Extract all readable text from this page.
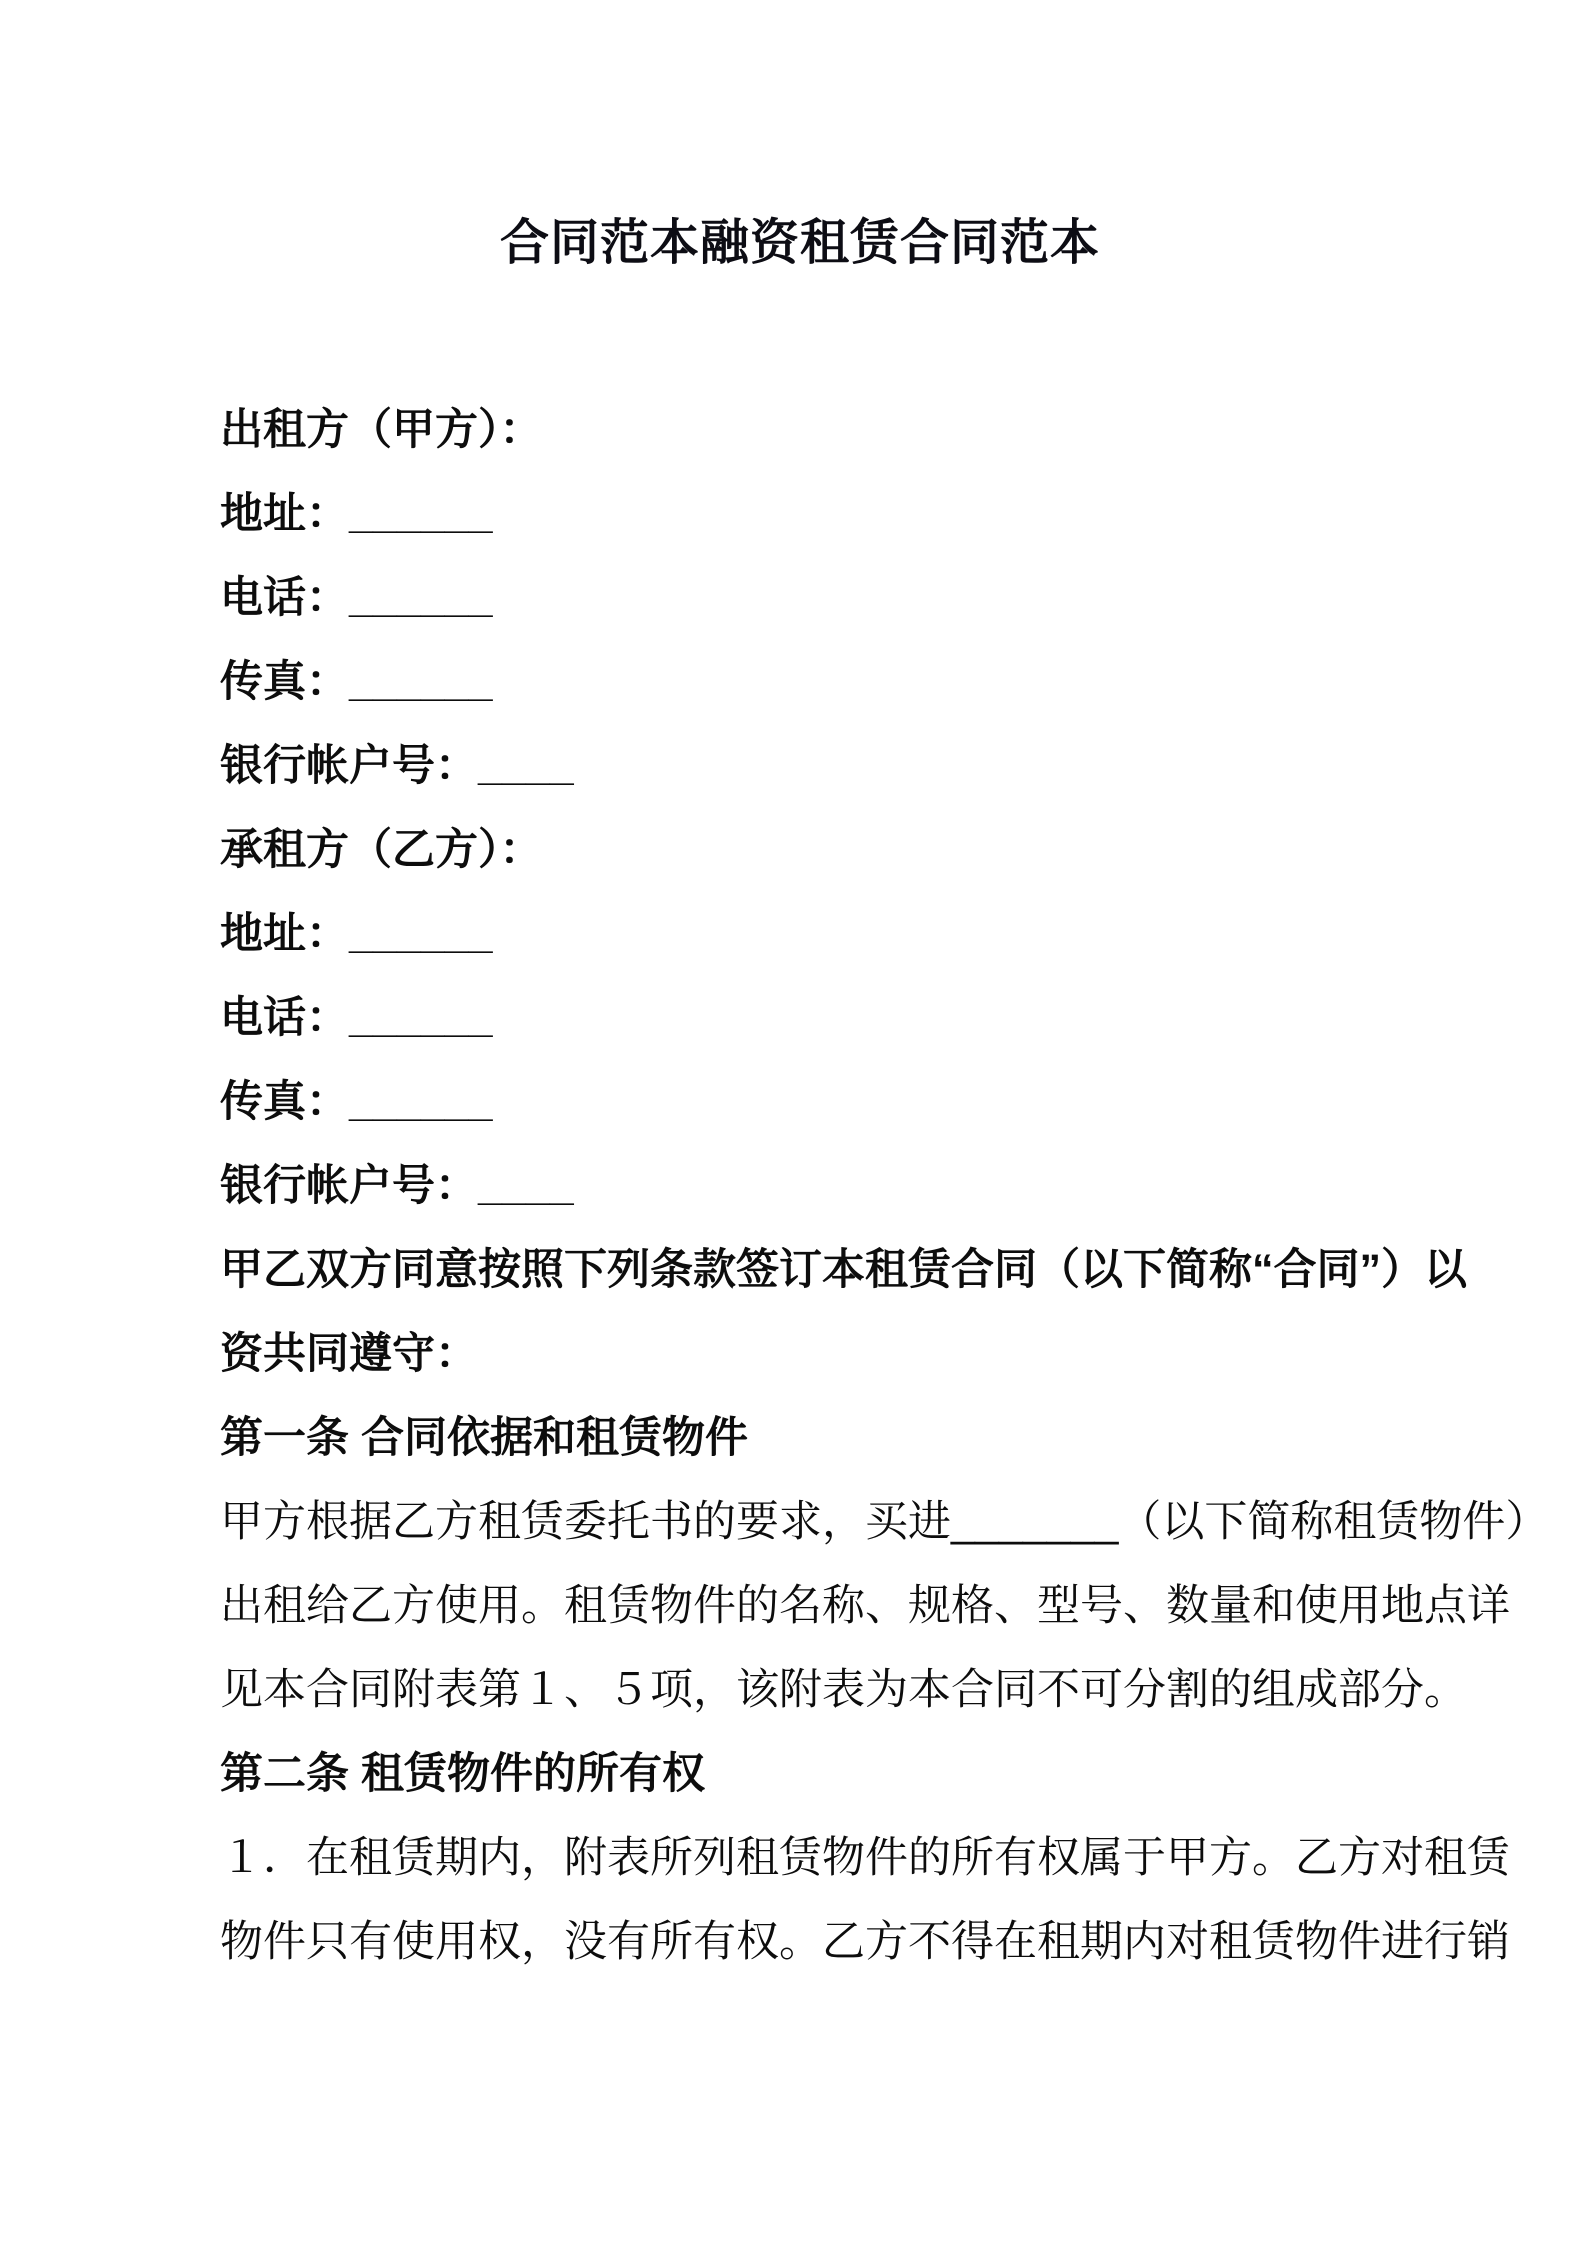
合同范本融资租赁合同范本
出租方（甲方）：
地址：______
电话：______
传真：______
银行帐户号：____
承租方（乙方）：
地址：______
电话：______
传真：______
银行帐户号：____
甲乙双方同意按照下列条款签订本租赁合同（以下简称“合同”）以
资共同遵守：
第一条 合同依据和租赁物件
甲方根据乙方租赁委托书的要求，买进_______（以下简称租赁物件）
出租给乙方使用。租赁物件的名称、规格、型号、数量和使用地点详
见本合同附表第１、５项，该附表为本合同不可分割的组成部分。
第二条 租赁物件的所有权
１．在租赁期内，附表所列租赁物件的所有权属于甲方。乙方对租赁
物件只有使用权，没有所有权。乙方不得在租期内对租赁物件进行销
